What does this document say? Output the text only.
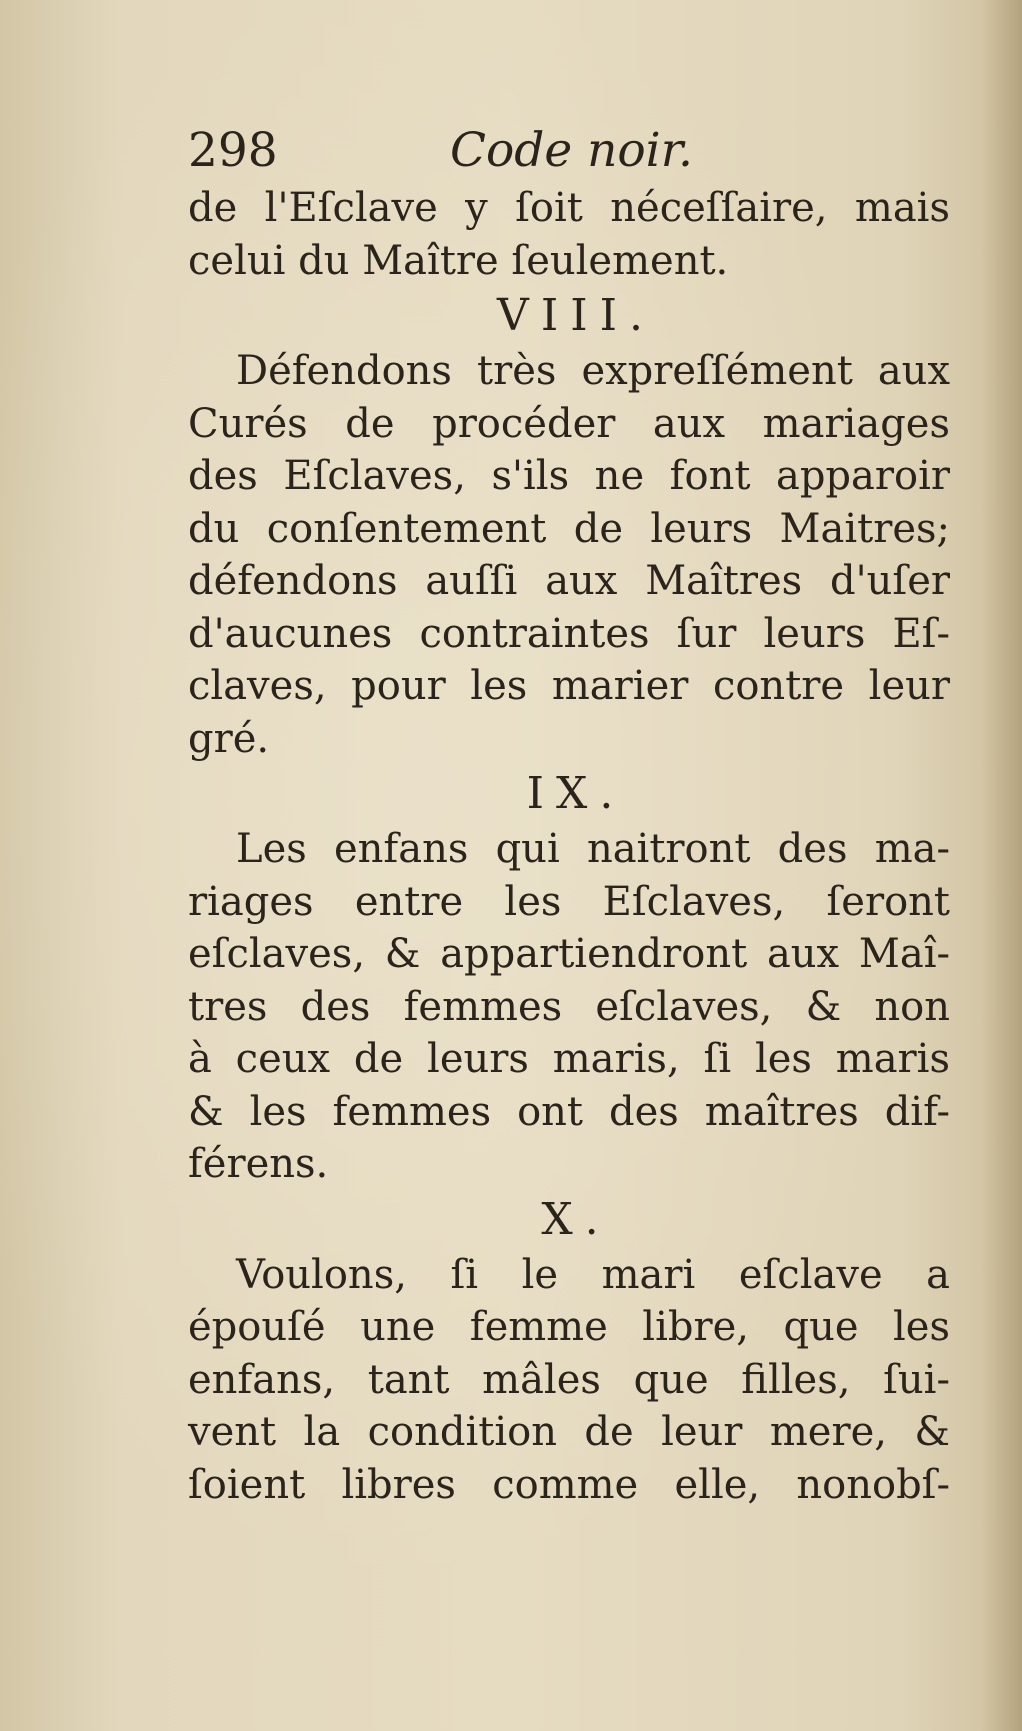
298	Code noir.
de l'Eſclave y ſoit néceſſaire, mais
celui du Maître ſeulement.
VIII.
Défendons très expreſſément aux
Curés de procéder aux mariages
des Eſclaves, s'ils ne font apparoir
du conſentement de leurs Maitres;
défendons auſſi aux Maîtres d'uſer
d'aucunes contraintes ſur leurs Eſ-
claves, pour les marier contre leur
gré.
IX.
Les enfans qui naitront des ma-
riages entre les Eſclaves, ſeront
eſclaves, & appartiendront aux Maî-
tres des femmes eſclaves, & non
à ceux de leurs maris, ſi les maris
& les femmes ont des maîtres dif-
férens.
X.
Voulons, ſi le mari eſclave a
épouſé une femme libre, que les
enfans, tant mâles que filles, ſui-
vent la condition de leur mere, &
ſoient libres comme elle, nonobſ-
